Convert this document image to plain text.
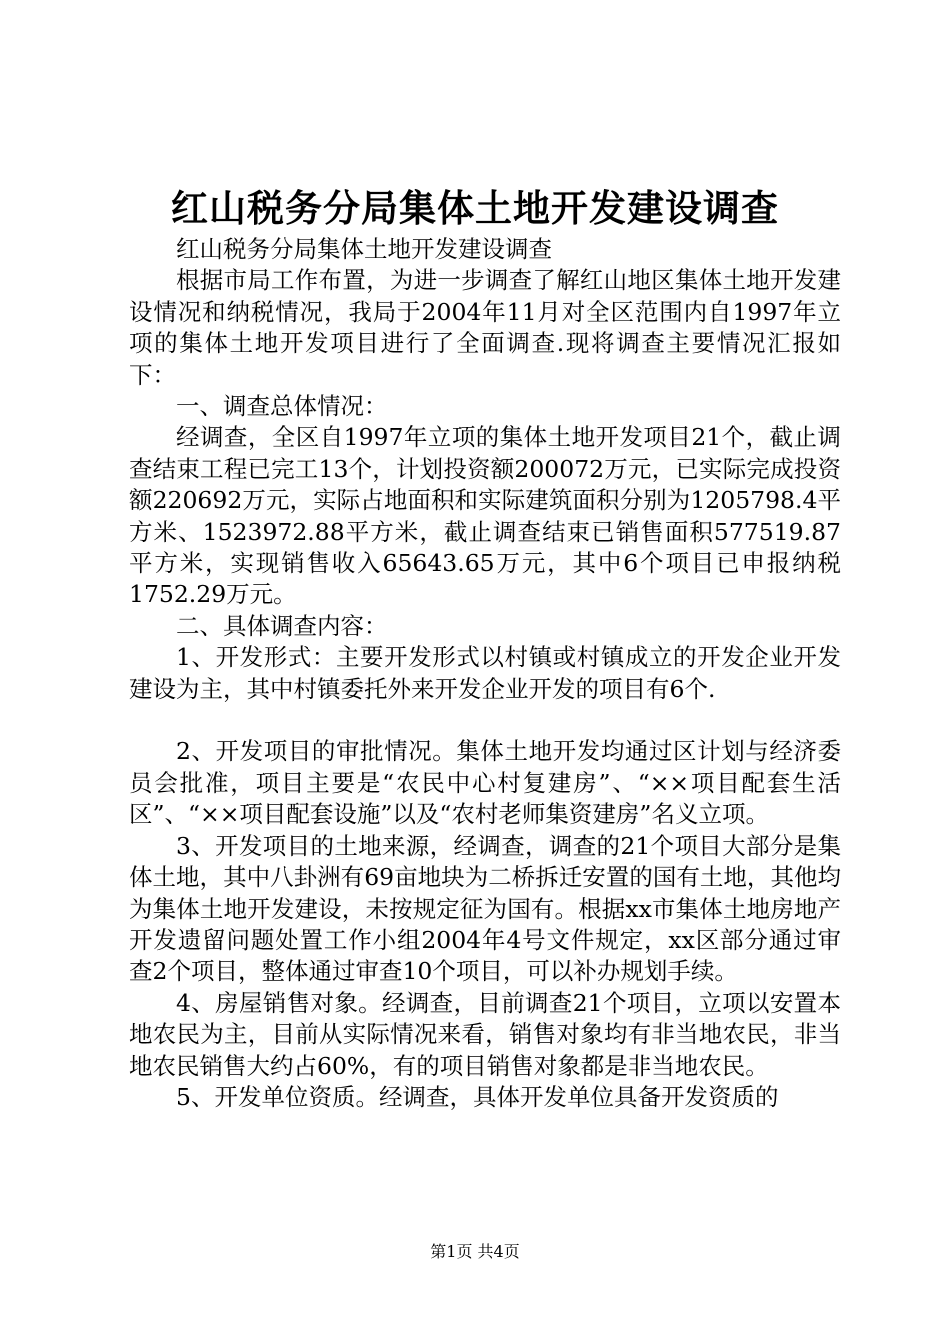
红山税务分局集体土地开发建设调查

红山税务分局集体土地开发建设调查

根据市局工作布置，为进一步调查了解红山地区集体土地开发建设情况和纳税情况，我局于2004年11月对全区范围内自1997年立项的集体土地开发项目进行了全面调查.现将调查主要情况汇报如下：

一、调查总体情况：

经调查，全区自1997年立项的集体土地开发项目21个，截止调查结束工程已完工13个，计划投资额200072万元，已实际完成投资额220692万元，实际占地面积和实际建筑面积分别为1205798.4平方米、1523972.88平方米，截止调查结束已销售面积577519.87平方米，实现销售收入65643.65万元，其中6个项目已申报纳税1752.29万元。

二、具体调查内容：

1、开发形式：主要开发形式以村镇或村镇成立的开发企业开发建设为主，其中村镇委托外来开发企业开发的项目有6个.

2、开发项目的审批情况。集体土地开发均通过区计划与经济委员会批准，项目主要是“农民中心村复建房”、“××项目配套生活区”、“××项目配套设施”以及“农村老师集资建房”名义立项。

3、开发项目的土地来源，经调查，调查的21个项目大部分是集体土地，其中八卦洲有69亩地块为二桥拆迁安置的国有土地，其他均为集体土地开发建设，未按规定征为国有。根据xx市集体土地房地产开发遗留问题处置工作小组2004年4号文件规定，xx区部分通过审查2个项目，整体通过审查10个项目，可以补办规划手续。

4、房屋销售对象。经调查，目前调查21个项目，立项以安置本地农民为主，目前从实际情况来看，销售对象均有非当地农民，非当地农民销售大约占60%，有的项目销售对象都是非当地农民。

5、开发单位资质。经调查，具体开发单位具备开发资质的

第1页 共4页
